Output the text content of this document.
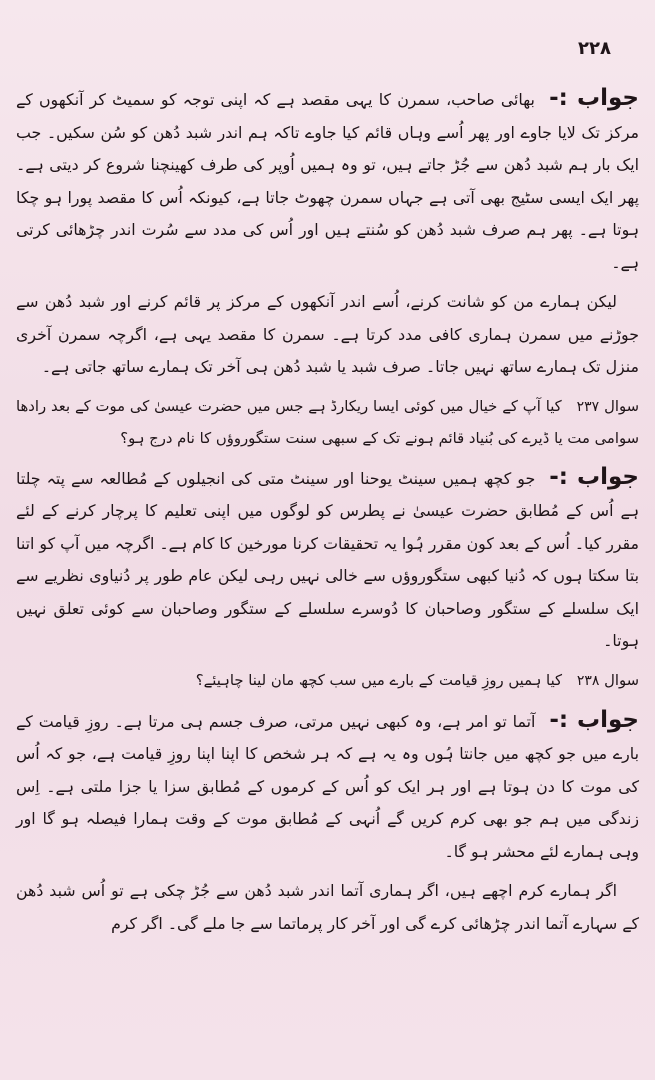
۲۲۸
جواب :- بھائی صاحب، سمرن کا یہی مقصد ہے کہ اپنی توجہ کو سمیٹ کر آنکھوں کے مرکز تک لایا جاوے اور پھر اُسے وہاں قائم کیا جاوے تاکہ ہم اندر شبد دُھن کو سُن سکیں۔ جب ایک بار ہم شبد دُھن سے جُڑ جاتے ہیں، تو وہ ہمیں اُوپر کی طرف کھینچنا شروع کر دیتی ہے۔ پھر ایک ایسی سٹیج بھی آتی ہے جہاں سمرن چھوٹ جاتا ہے، کیونکہ اُس کا مقصد پورا ہو چکا ہوتا ہے۔ پھر ہم صرف شبد دُھن کو سُنتے ہیں اور اُس کی مدد سے سُرت اندر چڑھائی کرتی ہے۔

لیکن ہمارے من کو شانت کرنے، اُسے اندر آنکھوں کے مرکز پر قائم کرنے اور شبد دُھن سے جوڑنے میں سمرن ہماری کافی مدد کرتا ہے۔ سمرن کا مقصد یہی ہے، اگرچہ سمرن آخری منزل تک ہمارے ساتھ نہیں جاتا۔ صرف شبد یا شبد دُھن ہی آخر تک ہمارے ساتھ جاتی ہے۔

سوال ۲۳۷ کیا آپ کے خیال میں کوئی ایسا ریکارڈ ہے جس میں حضرت عیسیٰ کی موت کے بعد رادھا سوامی مت یا ڈیرے کی بُنیاد قائم ہونے تک کے سبھی سنت ستگوروؤں کا نام درج ہو؟
جواب :- جو کچھ ہمیں سینٹ یوحنا اور سینٹ متی کی انجیلوں کے مُطالعہ سے پتہ چلتا ہے اُس کے مُطابق حضرت عیسیٰ نے پطرس کو لوگوں میں اپنی تعلیم کا پرچار کرنے کے لئے مقرر کیا۔ اُس کے بعد کون مقرر ہُوا یہ تحقیقات کرنا مورخین کا کام ہے۔ اگرچہ میں آپ کو اتنا بتا سکتا ہوں کہ دُنیا کبھی ستگوروؤں سے خالی نہیں رہی لیکن عام طور پر دُنیاوی نظریے سے ایک سلسلے کے ستگور وصاحبان کا دُوسرے سلسلے کے ستگور وصاحبان سے کوئی تعلق نہیں ہوتا۔
سوال ۲۳۸ کیا ہمیں روزِ قیامت کے بارے میں سب کچھ مان لینا چاہیئے؟
جواب :- آتما تو امر ہے، وہ کبھی نہیں مرتی، صرف جسم ہی مرتا ہے۔ روزِ قیامت کے بارے میں جو کچھ میں جانتا ہُوں وہ یہ ہے کہ ہر شخص کا اپنا اپنا روزِ قیامت ہے، جو کہ اُس کی موت کا دن ہوتا ہے اور ہر ایک کو اُس کے کرموں کے مُطابق سزا یا جزا ملتی ہے۔ اِس زندگی میں ہم جو بھی کرم کریں گے اُنہی کے مُطابق موت کے وقت ہمارا فیصلہ ہو گا اور وہی ہمارے لئے محشر ہو گا۔

اگر ہمارے کرم اچھے ہیں، اگر ہماری آتما اندر شبد دُھن سے جُڑ چکی ہے تو اُس شبد دُھن کے سہارے آتما اندر چڑھائی کرے گی اور آخر کار پرماتما سے جا ملے گی۔ اگر کرم
